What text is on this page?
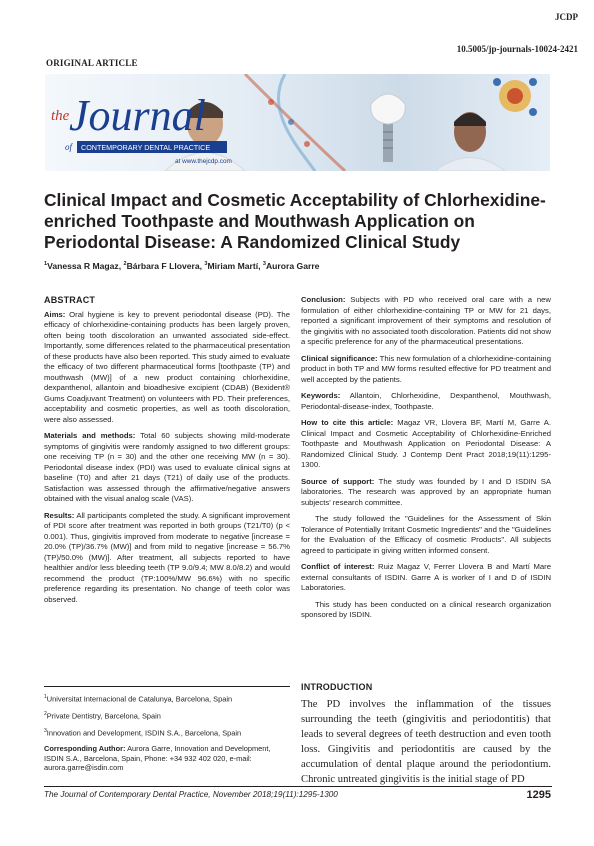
JCDP
10.5005/jp-journals-10024-2421
ORIGINAL ARTICLE
the Journal
of CONTEMPORARY DENTAL PRACTICE
at www.thejcdp.com
Clinical Impact and Cosmetic Acceptability of Chlorhexidine-enriched Toothpaste and Mouthwash Application on Periodontal Disease: A Randomized Clinical Study
$^1$Vanessa R Magaz, $^2$Bárbara F Llovera, $^3$Miriam Martí, $^3$Aurora Garre
ABSTRACT

Aims: Oral hygiene is key to prevent periodontal disease (PD). The efficacy of chlorhexidine-containing products has been largely proven, often being tooth discoloration an unwanted associated side-effect. Importantly, some differences related to the pharmaceutical presentation of these products have also been reported. This study aimed to evaluate the efficacy of two different pharmaceutical forms [toothpaste (TP) and mouthwash (MW)] of a new product containing chlorhexidine, dexpanthenol, allantoin and bioadhesive excipient (CDAB) (Bexident® Gums Coadjuvant Treatment) on volunteers with PD. Their preferences, acceptability and cosmetic properties, as well as tooth discoloration, were also assessed.

Materials and methods: Total 60 subjects showing mild-moderate symptoms of gingivitis were randomly assigned to two different groups: one receiving TP (n = 30) and the other one receiving MW (n = 30). Periodontal disease index (PDI) was used to evaluate clinical signs at baseline (T0) and after 21 days (T21) of daily use of the products. Satisfaction was assessed through the affirmative/negative answers obtained with the visual analog scale (VAS).

Results: All participants completed the study. A significant improvement of PDI score after treatment was reported in both groups (T21/T0) (p < 0.001). Thus, gingivitis improved from moderate to negative [increase = 20.0% (TP)/36.7% (MW)] and from mild to negative [increase = 56.7% (TP)/50.0% (MW)]. After treatment, all subjects reported to have healthier and/or less bleeding teeth (TP 9.0/9.4; MW 8.0/8.2) and would recommend the product (TP:100%/MW 96.6%) with no specific preference regarding its presentation. No change of teeth color was observed.

Conclusion: Subjects with PD who received oral care with a new formulation of either chlorhexidine-containing TP or MW for 21 days, reported a significant improvement of their symptoms and resolution of the gingivitis with no associated tooth discoloration. Patients did not show a specific preference for any of the pharmaceutical presentations.

Clinical significance: This new formulation of a chlorhexidine-containing product in both TP and MW forms resulted effective for PD treatment and well accepted by the patients.

Keywords: Allantoin, Chlorhexidine, Dexpanthenol, Mouthwash, Periodontal-disease-index, Toothpaste.

How to cite this article: Magaz VR, Llovera BF, Martí M, Garre A. Clinical Impact and Cosmetic Acceptability of Chlorhexidine-Enriched Toothpaste and Mouthwash Application on Periodontal Disease: A Randomized Clinical Study. J Contemp Dent Pract 2018;19(11):1295-1300.

Source of support: The study was founded by I and D ISDIN SA laboratories. The research was approved by an appropriate human subjects' research committee.

The study followed the "Guidelines for the Assessment of Skin Tolerance of Potentially Irritant Cosmetic Ingredients" and the "Guidelines for the Evaluation of the Efficacy of cosmetic Products". All subjects agreed to participate in giving written informed consent.

Conflict of interest: Ruiz Magaz V, Ferrer Llovera B and Martí Mare external consultants of ISDIN. Garre A is worker of I and D of ISDIN Laboratories.

This study has been conducted on a clinical research organization sponsored by ISDIN.

$^1$Universitat Internacional de Catalunya, Barcelona, Spain

$^2$Private Dentistry, Barcelona, Spain

$^3$Innovation and Development, ISDIN S.A., Barcelona, Spain

Corresponding Author: Aurora Garre, Innovation and Development, ISDIN S.A., Barcelona, Spain, Phone: +34 932 402 020, e-mail: aurora.garre@isdin.com

INTRODUCTION
The PD involves the inflammation of the tissues surrounding the teeth (gingivitis and periodontitis) that leads to several degrees of teeth destruction and even tooth loss. Gingivitis and periodontitis are caused by the accumulation of dental plaque around the periodontium. Chronic untreated gingivitis is the initial stage of PD
The Journal of Contemporary Dental Practice, November 2018;19(11):1295-1300	1295
